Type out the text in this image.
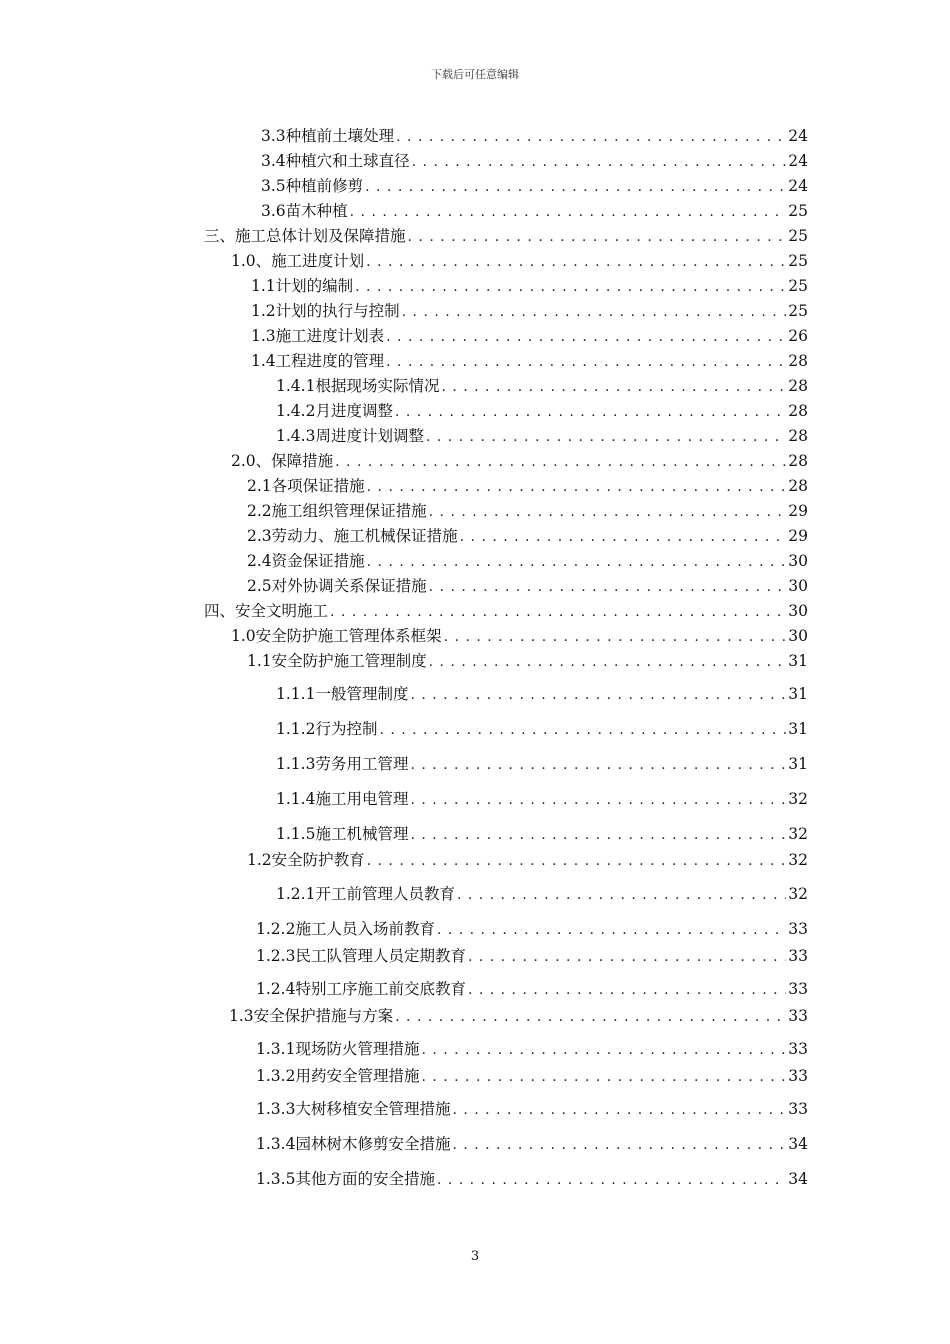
下载后可任意编辑
3.3种植前土壤处理 . . .	24
3.4种植穴和土球直径 . . .	24
3.5种植前修剪 . . .	24
3.6苗木种植 . . .	25
三、施工总体计划及保障措施 . . .	25
1.0、施工进度计划 . . .	25
1.1计划的编制 . . .	25
1.2计划的执行与控制 . . .	25
1.3施工进度计划表 . . .	26
1.4工程进度的管理 . . .	28
1.4.1根据现场实际情况 . . .	28
1.4.2月进度调整 . . .	28
1.4.3周进度计划调整 . . .	28
2.0、保障措施 . . .	28
2.1各项保证措施 . . .	28
2.2施工组织管理保证措施 . . .	29
2.3劳动力、施工机械保证措施 . . .	29
2.4资金保证措施 . . .	30
2.5对外协调关系保证措施 . . .	30
四、安全文明施工 . . .	30
1.0安全防护施工管理体系框架 . . .	30
1.1安全防护施工管理制度 . . .	31
1.1.1一般管理制度 . . .	31
1.1.2行为控制 . . .	31
1.1.3劳务用工管理 . . .	31
1.1.4施工用电管理 . . .	32
1.1.5施工机械管理 . . .	32
1.2安全防护教育 . . .	32
1.2.1开工前管理人员教育 . . .	32
1.2.2施工人员入场前教育 . . .	33
1.2.3民工队管理人员定期教育 . . .	33
1.2.4特别工序施工前交底教育 . . .	33
1.3安全保护措施与方案 . . .	33
1.3.1现场防火管理措施 . . .	33
1.3.2用药安全管理措施 . . .	33
1.3.3大树移植安全管理措施 . . .	33
1.3.4园林树木修剪安全措施 . . .	34
1.3.5其他方面的安全措施 . . .	34
3
